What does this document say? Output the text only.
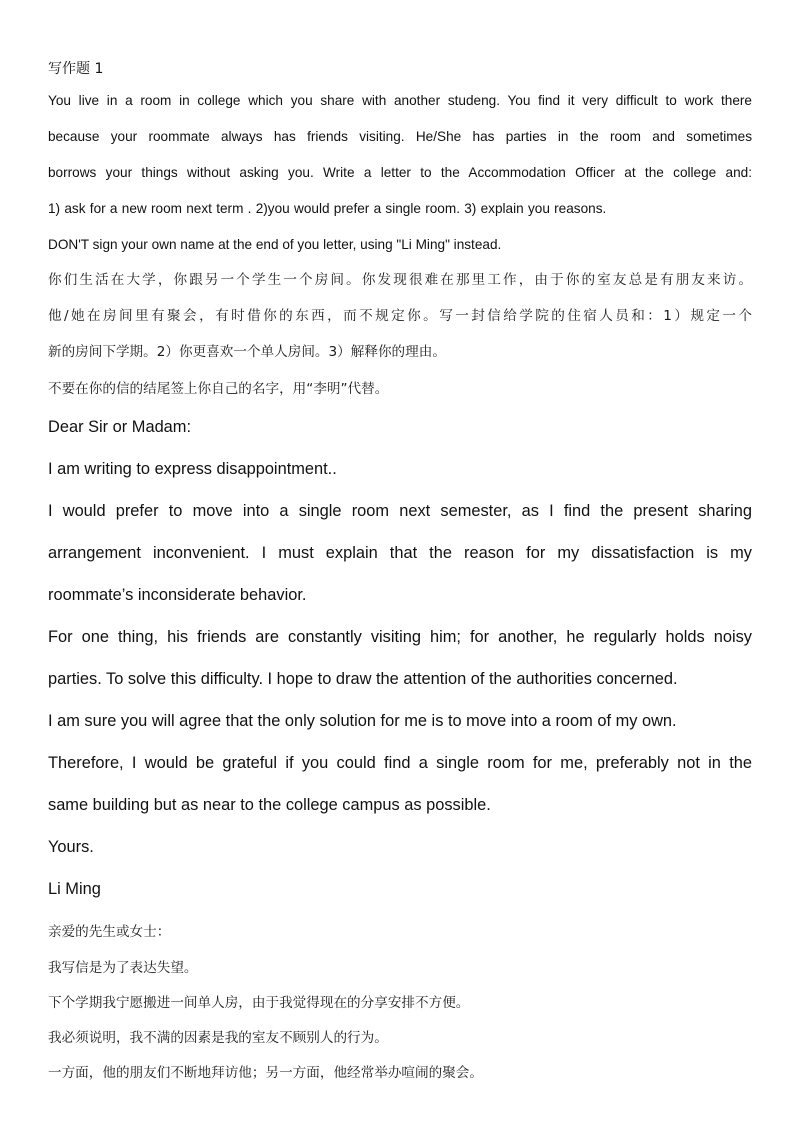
写作题 1

You live in a room in college which you share with another studeng. You find it very difficult to work there

because your roommate always has friends visiting. He/She has parties in the room and sometimes

borrows your things without asking you. Write a letter to the Accommodation Officer at the college and:

1) ask for a new room next term . 2)you would prefer a single room. 3) explain you reasons.

DON'T sign your own name at the end of you letter, using "Li Ming" instead.

你们生活在大学，你跟另一个学生一个房间。你发现很难在那里工作，由于你的室友总是有朋友来访。

他/她在房间里有聚会，有时借你的东西，而不规定你。写一封信给学院的住宿人员和：1）规定一个

新的房间下学期。2）你更喜欢一个单人房间。3）解释你的理由。

不要在你的信的结尾签上你自己的名字，用“李明”代替。

Dear Sir or Madam:

I am writing to express disappointment..

I would prefer to move into a single room next semester, as I find the present sharing

arrangement inconvenient. I must explain that the reason for my dissatisfaction is my

roommate’s inconsiderate behavior.

For one thing, his friends are constantly visiting him; for another, he regularly holds noisy

parties. To solve this difficulty. I hope to draw the attention of the authorities concerned.

I am sure you will agree that the only solution for me is to move into a room of my own.

Therefore, I would be grateful if you could find a single room for me, preferably not in the

same building but as near to the college campus as possible.

Yours.

Li Ming

亲爱的先生或女士：

我写信是为了表达失望。

下个学期我宁愿搬进一间单人房，由于我觉得现在的分享安排不方便。

我必须说明，我不满的因素是我的室友不顾别人的行为。

一方面，他的朋友们不断地拜访他；另一方面，他经常举办喧闹的聚会。
